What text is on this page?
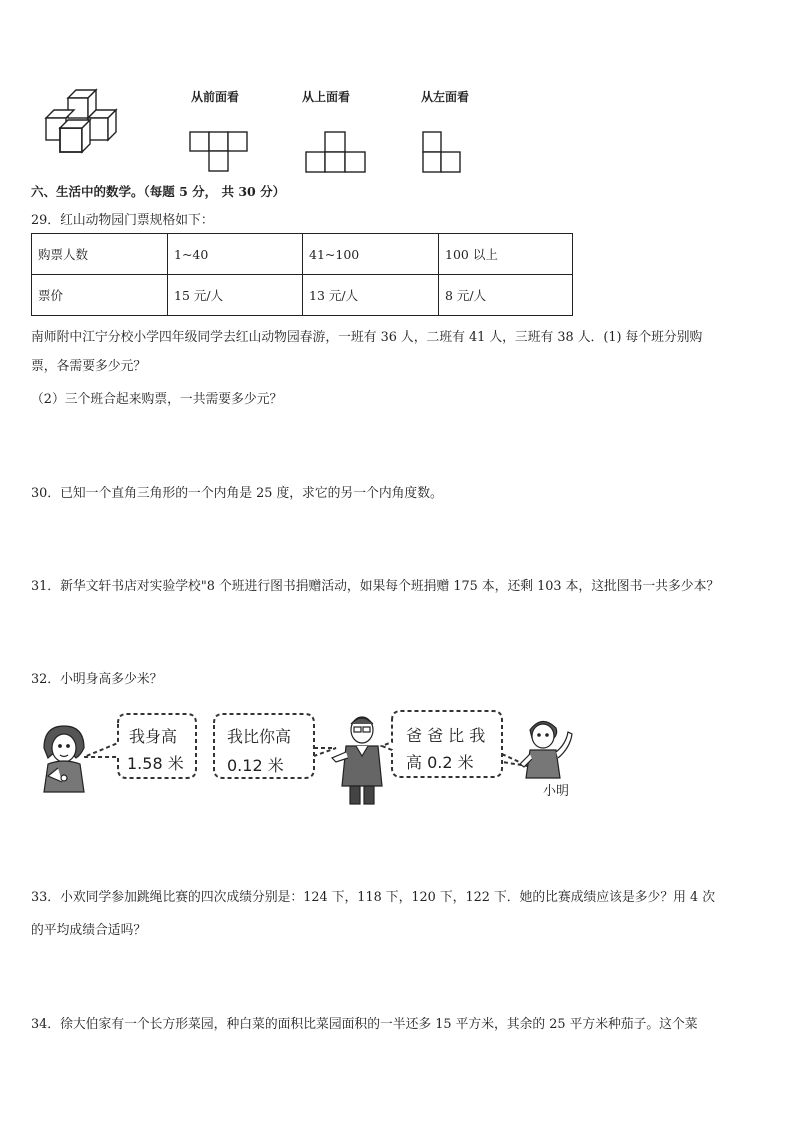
从前面看	从上面看	从左面看
六、生活中的数学。（每题 5 分， 共 30 分）
29．红山动物园门票规格如下：
购票人数	1~40	41~100	100 以上
票价	15 元/人	13 元/人	8 元/人
南师附中江宁分校小学四年级同学去红山动物园春游，一班有 36 人，二班有 41 人，三班有 38 人．(1) 每个班分别购
票，各需要多少元？
（2）三个班合起来购票，一共需要多少元？
30．已知一个直角三角形的一个内角是 25 度，求它的另一个内角度数。
31．新华文轩书店对实验学校"8 个班进行图书捐赠活动，如果每个班捐赠 175 本，还剩 103 本，这批图书一共多少本？
32．小明身高多少米？
我身高
1.58 米
我比你高
0.12 米
爸 爸 比 我
高 0.2 米
小明
33．小欢同学参加跳绳比赛的四次成绩分别是：124 下，118 下，120 下，122 下．她的比赛成绩应该是多少？用 4 次
的平均成绩合适吗？
34．徐大伯家有一个长方形菜园，种白菜的面积比菜园面积的一半还多 15 平方米，其余的 25 平方米种茄子。这个菜
